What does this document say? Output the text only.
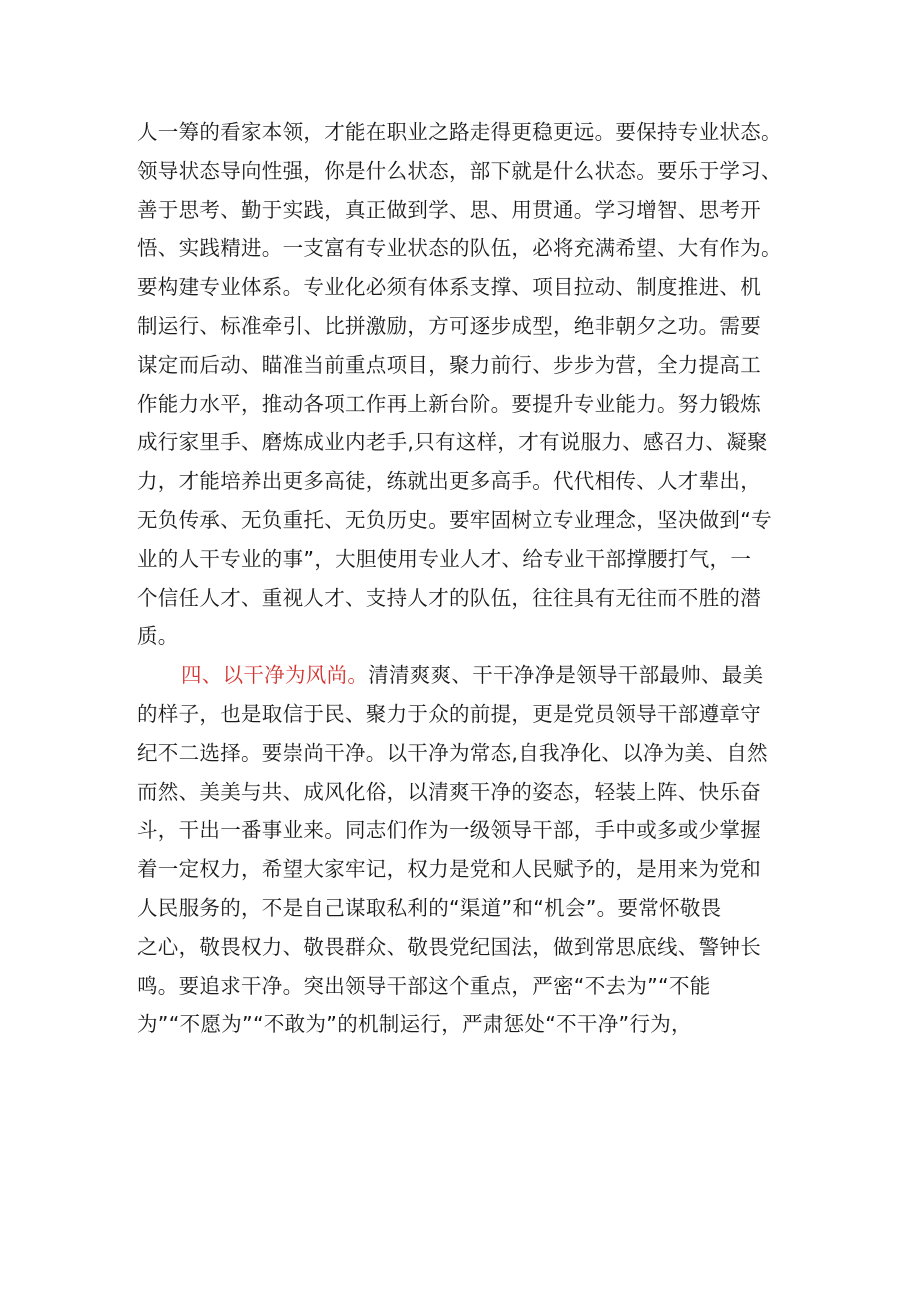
人一筹的看家本领，才能在职业之路走得更稳更远。要保持专业状态。
领导状态导向性强，你是什么状态，部下就是什么状态。要乐于学习、
善于思考、勤于实践，真正做到学、思、用贯通。学习增智、思考开
悟、实践精进。一支富有专业状态的队伍，必将充满希望、大有作为。
要构建专业体系。专业化必须有体系支撑、项目拉动、制度推进、机
制运行、标准牵引、比拼激励，方可逐步成型，绝非朝夕之功。需要
谋定而后动、瞄准当前重点项目，聚力前行、步步为营，全力提高工
作能力水平，推动各项工作再上新台阶。要提升专业能力。努力锻炼
成行家里手、磨炼成业内老手,只有这样，才有说服力、感召力、凝聚
力，才能培养出更多高徒，练就出更多高手。代代相传、人才辈出，
无负传承、无负重托、无负历史。要牢固树立专业理念，坚决做到“专
业的人干专业的事”，大胆使用专业人才、给专业干部撑腰打气，一
个信任人才、重视人才、支持人才的队伍，往往具有无往而不胜的潜
质。
四、以干净为风尚。清清爽爽、干干净净是领导干部最帅、最美
的样子，也是取信于民、聚力于众的前提，更是党员领导干部遵章守
纪不二选择。要崇尚干净。以干净为常态,自我净化、以净为美、自然
而然、美美与共、成风化俗，以清爽干净的姿态，轻装上阵、快乐奋
斗，干出一番事业来。同志们作为一级领导干部，手中或多或少掌握
着一定权力，希望大家牢记，权力是党和人民赋予的，是用来为党和
人民服务的，不是自己谋取私利的“渠道”和“机会”。要常怀敬畏
之心，敬畏权力、敬畏群众、敬畏党纪国法，做到常思底线、警钟长
鸣。要追求干净。突出领导干部这个重点，严密“不去为”“不能
为”“不愿为”“不敢为”的机制运行，严肃惩处“不干净”行为，
